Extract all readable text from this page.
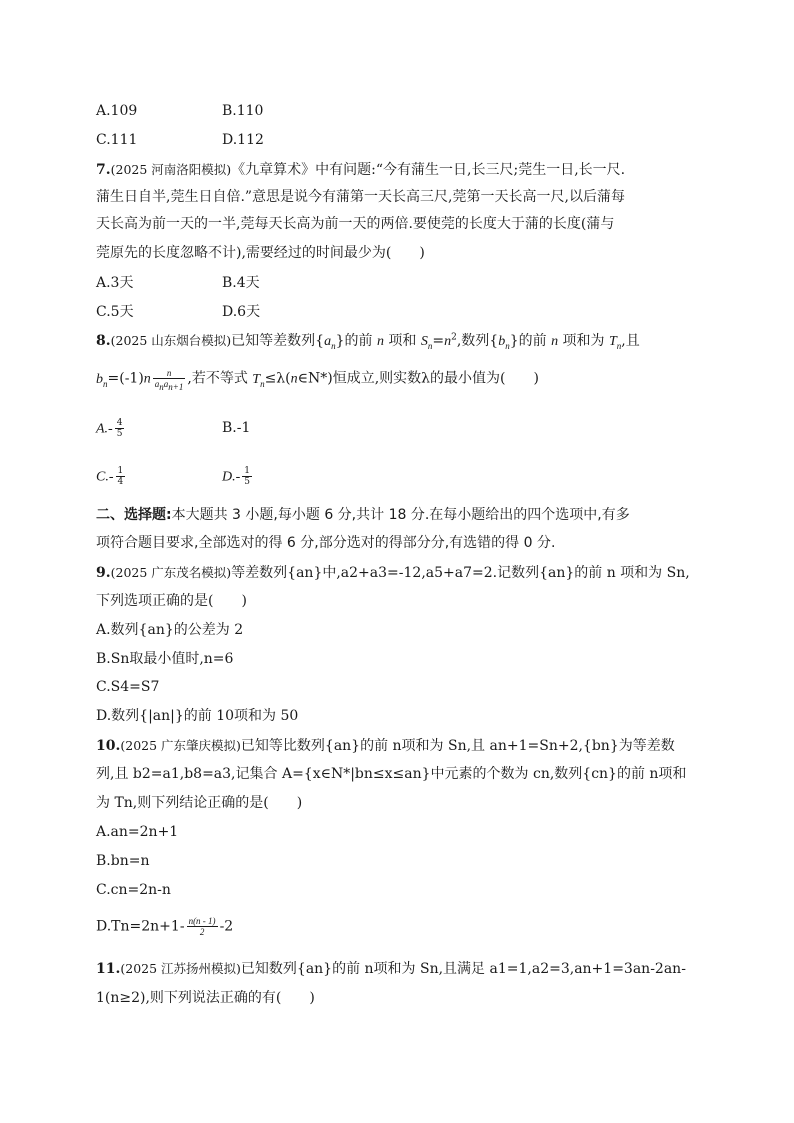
A.109	B.110
C.111	D.112
7.(2025 河南洛阳模拟)《九章算术》中有问题:“今有蒲生一日,长三尺;莞生一日,长一尺.
蒲生日自半,莞生日自倍.”意思是说今有蒲第一天长高三尺,莞第一天长高一尺,以后蒲每
天长高为前一天的一半,莞每天长高为前一天的两倍.要使莞的长度大于蒲的长度(蒲与
莞原先的长度忽略不计),需要经过的时间最少为(　　)
A.3天	B.4天
C.5天	D.6天
8.(2025 山东烟台模拟)已知等差数列$\{a_n\}$的前 n 项和 $S_n=n^2$,数列$\{b_n\}$的前 n 项和为 $T_n$,且
$b_n=(-1)n \frac{n}{a_na_{n+1}}$ ,若不等式 $T_n\le\lambda(n\in N*)$恒成立,则实数λ的最小值为(　　)
$A.- \frac{4}{5}$	B.-1
$C.- \frac{1}{4}$	$D.- \frac{1}{5}$
二、选择题:本大题共 3 小题,每小题 6 分,共计 18 分.在每小题给出的四个选项中,有多
项符合题目要求,全部选对的得 6 分,部分选对的得部分分,有选错的得 0 分.
9.(2025 广东茂名模拟)等差数列{an}中,a2+a3=-12,a5+a7=2.记数列{an}的前 n 项和为 Sn,
下列选项正确的是(　　)
A.数列{an}的公差为 2
B.Sn取最小值时,n=6
C.S4=S7
D.数列{|an|}的前 10项和为 50
10.(2025 广东肇庆模拟)已知等比数列{an}的前 n项和为 Sn,且 an+1=Sn+2,{bn}为等差数
列,且 b2=a1,b8=a3,记集合 A={x∈N*|bn≤x≤an}中元素的个数为 cn,数列{cn}的前 n项和
为 Tn,则下列结论正确的是(　　)
A.an=2n+1
B.bn=n
C.cn=2n-n
$D.Tn=2n+1- \frac{n(n - 1)}{2} -2$
11.(2025 江苏扬州模拟)已知数列{an}的前 n项和为 Sn,且满足 a1=1,a2=3,an+1=3an-2an-
1(n≥2),则下列说法正确的有(　　)
